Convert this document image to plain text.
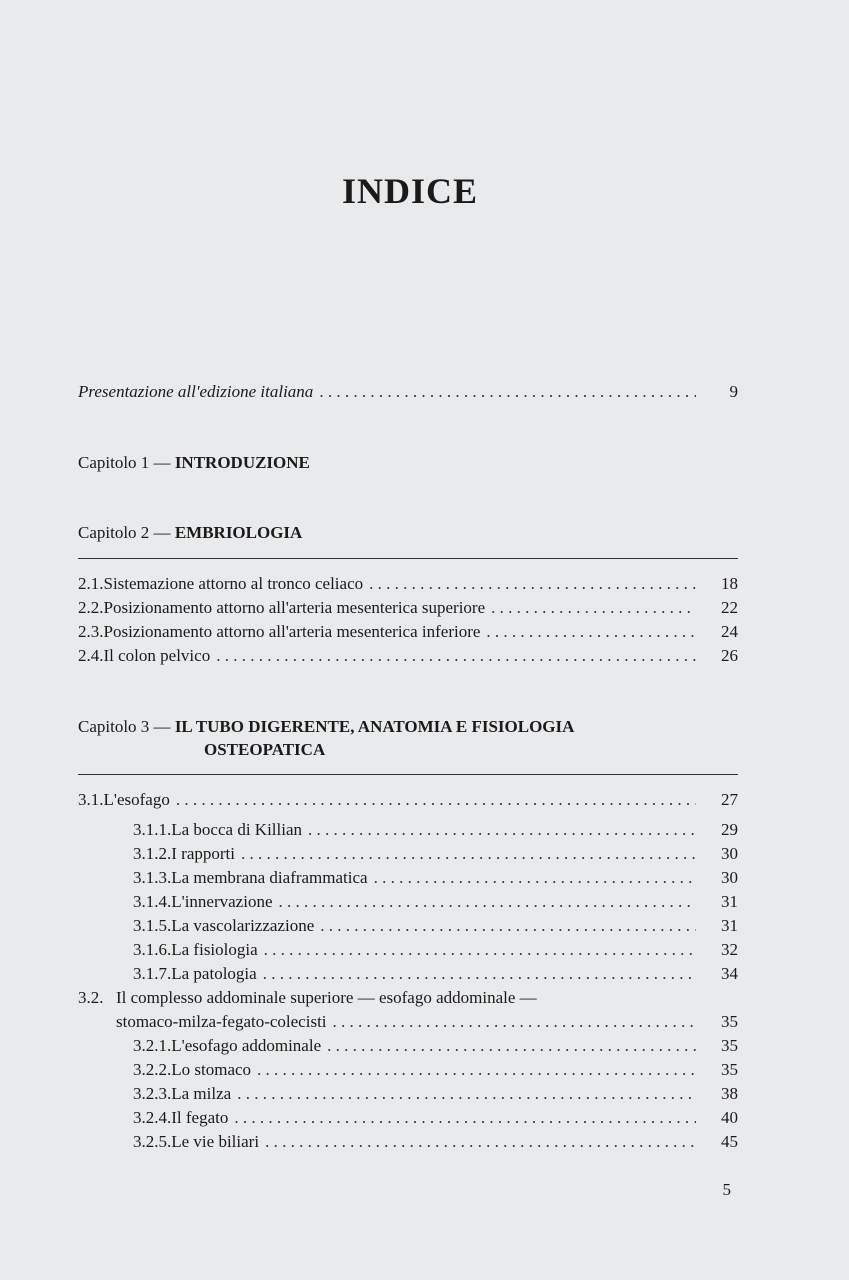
INDICE
Presentazione all'edizione italiana . . .	9
Capitolo 1 — INTRODUZIONE
Capitolo 2 — EMBRIOLOGIA
2.1. Sistemazione attorno al tronco celiaco . . .	18
2.2. Posizionamento attorno all'arteria mesenterica superiore . . .	22
2.3. Posizionamento attorno all'arteria mesenterica inferiore . . .	24
2.4. Il colon pelvico . . .	26
Capitolo 3 — IL TUBO DIGERENTE, ANATOMIA E FISIOLOGIA
OSTEOPATICA
3.1. L'esofago . . .	27
3.1.1. La bocca di Killian . . .	29
3.1.2. I rapporti . . .	30
3.1.3. La membrana diaframmatica . . .	30
3.1.4. L'innervazione . . .	31
3.1.5. La vascolarizzazione . . .	31
3.1.6. La fisiologia . . .	32
3.1.7. La patologia . . .	34
3.2. Il complesso addominale superiore — esofago addominale —
stomaco-milza-fegato-colecisti . . .	35
3.2.1. L'esofago addominale . . .	35
3.2.2. Lo stomaco . . .	35
3.2.3. La milza . . .	38
3.2.4. Il fegato . . .	40
3.2.5. Le vie biliari . . .	45
5
